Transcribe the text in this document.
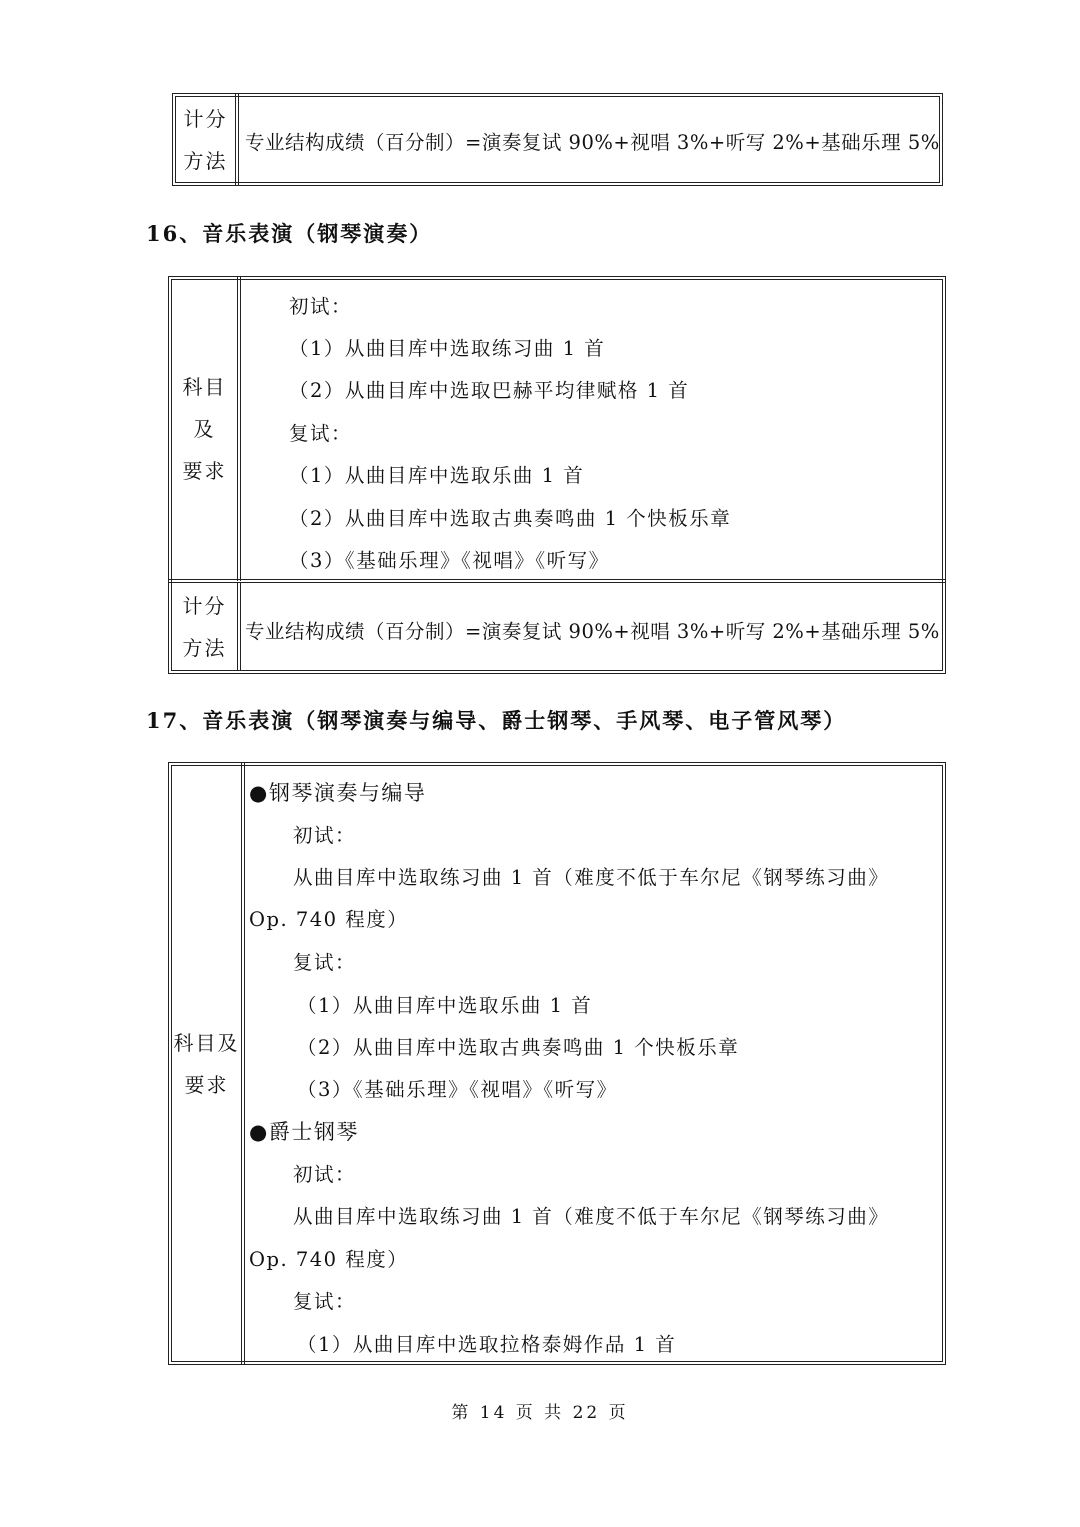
计分
方法
专业结构成绩（百分制）=演奏复试 90%+视唱 3%+听写 2%+基础乐理 5%
16、音乐表演（钢琴演奏）
科目
及
要求
初试：
（1）从曲目库中选取练习曲 1 首
（2）从曲目库中选取巴赫平均律赋格 1 首
复试：
（1）从曲目库中选取乐曲 1 首
（2）从曲目库中选取古典奏鸣曲 1 个快板乐章
（3）《基础乐理》《视唱》《听写》
计分
方法
专业结构成绩（百分制）=演奏复试 90%+视唱 3%+听写 2%+基础乐理 5%
17、音乐表演（钢琴演奏与编导、爵士钢琴、手风琴、电子管风琴）
科目及
要求
●钢琴演奏与编导
初试：
从曲目库中选取练习曲 1 首（难度不低于车尔尼《钢琴练习曲》
Op. 740 程度）
复试：
（1）从曲目库中选取乐曲 1 首
（2）从曲目库中选取古典奏鸣曲 1 个快板乐章
（3）《基础乐理》《视唱》《听写》
●爵士钢琴
初试：
从曲目库中选取练习曲 1 首（难度不低于车尔尼《钢琴练习曲》
Op. 740 程度）
复试：
（1）从曲目库中选取拉格泰姆作品 1 首
第 14 页 共 22 页
